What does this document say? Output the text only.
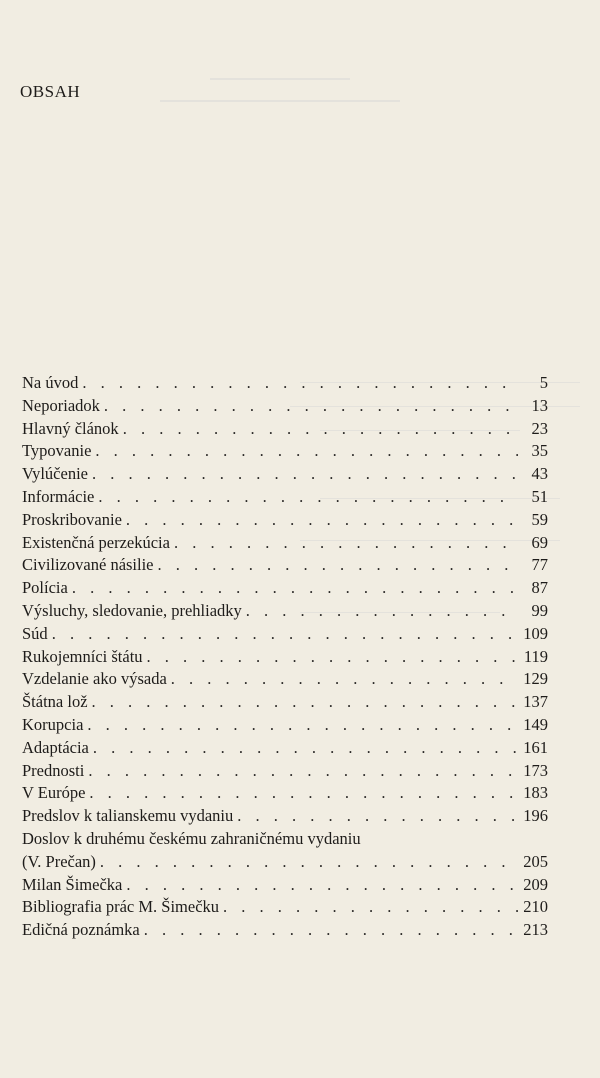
OBSAH
Na úvod . . .	5
Neporiadok . . .	13
Hlavný článok . . .	23
Typovanie . . .	35
Vylúčenie . . .	43
Informácie . . .	51
Proskribovanie . . .	59
Existenčná perzekúcia . . .	69
Civilizované násilie . . .	77
Polícia . . .	87
Výsluchy, sledovanie, prehliadky . . .	99
Súd . . .	109
Rukojemníci štátu . . .	119
Vzdelanie ako výsada . . .	129
Štátna lož . . .	137
Korupcia . . .	149
Adaptácia . . .	161
Prednosti . . .	173
V Európe . . .	183
Predslov k talianskemu vydaniu . . .	196
Doslov k druhému českému zahraničnému vydaniu
(V. Prečan) . . .	205
Milan Šimečka . . .	209
Bibliografia prác M. Šimečku . . .	210
Edičná poznámka . . .	213
